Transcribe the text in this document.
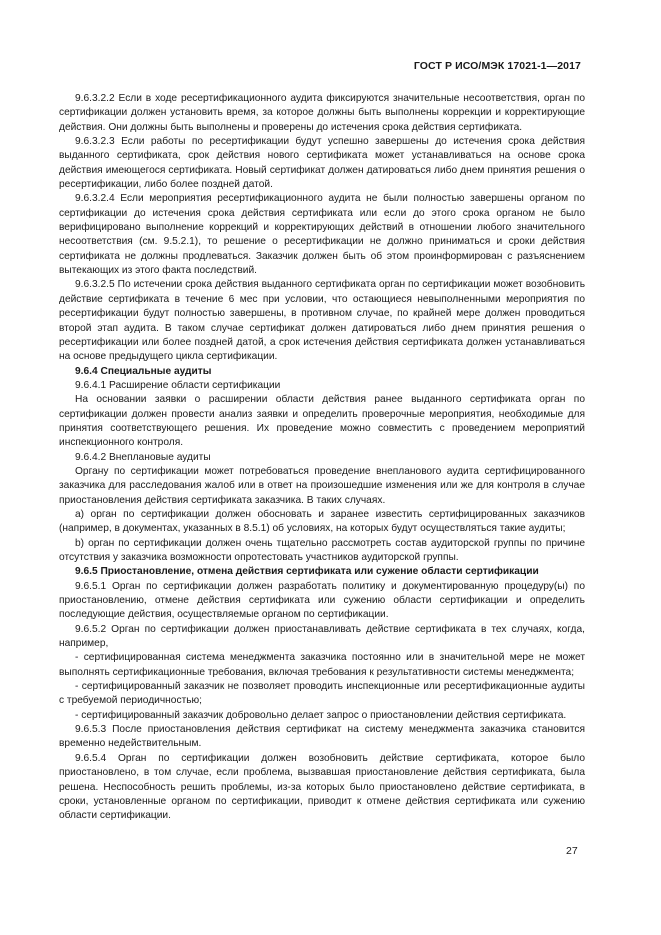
ГОСТ Р ИСО/МЭК 17021-1—2017

9.6.3.2.2 Если в ходе ресертификационного аудита фиксируются значительные несоответствия, орган по сертификации должен установить время, за которое должны быть выполнены коррекции и корректирующие действия. Они должны быть выполнены и проверены до истечения срока действия сертификата.

9.6.3.2.3 Если работы по ресертификации будут успешно завершены до истечения срока действия выданного сертификата, срок действия нового сертификата может устанавливаться на основе срока действия имеющегося сертификата. Новый сертификат должен датироваться либо днем принятия решения о ресертификации, либо более поздней датой.

9.6.3.2.4 Если мероприятия ресертификационного аудита не были полностью завершены органом по сертификации до истечения срока действия сертификата или если до этого срока органом не было верифицировано выполнение коррекций и корректирующих действий в отношении любого значительного несоответствия (см. 9.5.2.1), то решение о ресертификации не должно приниматься и сроки действия сертификата не должны продлеваться. Заказчик должен быть об этом проинформирован с разъяснением вытекающих из этого факта последствий.

9.6.3.2.5 По истечении срока действия выданного сертификата орган по сертификации может возобновить действие сертификата в течение 6 мес при условии, что остающиеся невыполненными мероприятия по ресертификации будут полностью завершены, в противном случае, по крайней мере должен проводиться второй этап аудита. В таком случае сертификат должен датироваться либо днем принятия решения о ресертификации или более поздней датой, а срок истечения действия сертификата должен устанавливаться на основе предыдущего цикла сертификации.

9.6.4 Специальные аудиты

9.6.4.1 Расширение области сертификации

На основании заявки о расширении области действия ранее выданного сертификата орган по сертификации должен провести анализ заявки и определить проверочные мероприятия, необходимые для принятия соответствующего решения. Их проведение можно совместить с проведением мероприятий инспекционного контроля.

9.6.4.2 Внеплановые аудиты

Органу по сертификации может потребоваться проведение внепланового аудита сертифицированного заказчика для расследования жалоб или в ответ на произошедшие изменения или же для контроля в случае приостановления действия сертификата заказчика. В таких случаях.

a) орган по сертификации должен обосновать и заранее известить сертифицированных заказчиков (например, в документах, указанных в 8.5.1) об условиях, на которых будут осуществляться такие аудиты;

b) орган по сертификации должен очень тщательно рассмотреть состав аудиторской группы по причине отсутствия у заказчика возможности опротестовать участников аудиторской группы.

9.6.5 Приостановление, отмена действия сертификата или сужение области сертификации

9.6.5.1 Орган по сертификации должен разработать политику и документированную процедуру(ы) по приостановлению, отмене действия сертификата или сужению области сертификации и определить последующие действия, осуществляемые органом по сертификации.

9.6.5.2 Орган по сертификации должен приостанавливать действие сертификата в тех случаях, когда, например,

- сертифицированная система менеджмента заказчика постоянно или в значительной мере не может выполнять сертификационные требования, включая требования к результативности системы менеджмента;

- сертифицированный заказчик не позволяет проводить инспекционные или ресертификационные аудиты с требуемой периодичностью;

- сертифицированный заказчик добровольно делает запрос о приостановлении действия сертификата.

9.6.5.3 После приостановления действия сертификат на систему менеджмента заказчика становится временно недействительным.

9.6.5.4 Орган по сертификации должен возобновить действие сертификата, которое было приостановлено, в том случае, если проблема, вызвавшая приостановление действия сертификата, была решена. Неспособность решить проблемы, из-за которых было приостановлено действие сертификата, в сроки, установленные органом по сертификации, приводит к отмене действия сертификата или сужению области сертификации.

27
